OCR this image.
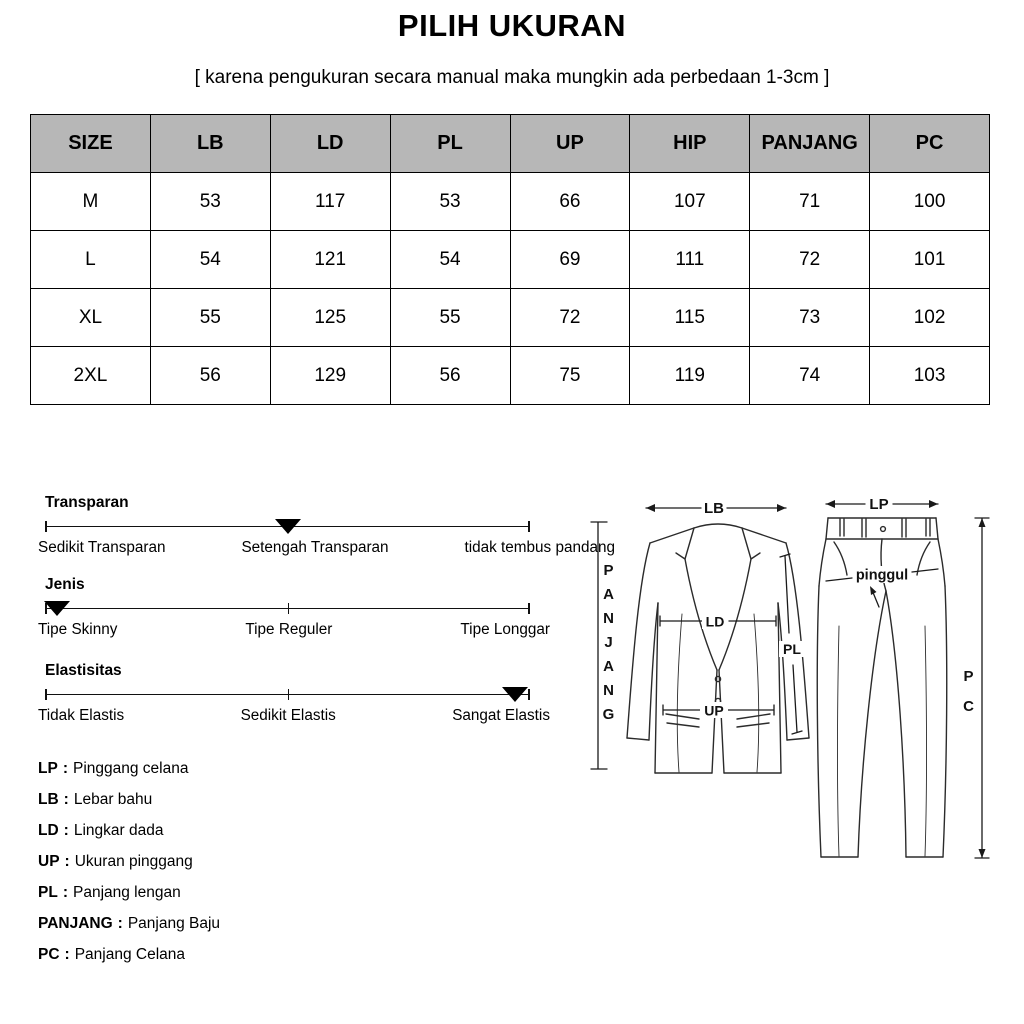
PILIH UKURAN
[ karena pengukuran secara manual maka mungkin ada perbedaan 1-3cm ]
SIZE	LB	LD	PL	UP	HIP	PANJANG	PC
M	53	117	53	66	107	71	100
L	54	121	54	69	111	72	101
XL	55	125	55	72	115	73	102
2XL	56	129	56	75	119	74	103
Transparan
Sedikit Transparan	Setengah Transparan	tidak tembus pandang
Jenis
Tipe Skinny	Tipe Reguler	Tipe Longgar
Elastisitas
Tidak Elastis	Sedikit Elastis	Sangat Elastis
LP : Pinggang celana
LB : Lebar bahu
LD : Lingkar dada
UP : Ukuran pinggang
PL : Panjang lengan
PANJANG : Panjang Baju
PC : Panjang Celana
LB	LP
LD
PL
UP
pinggul
PANJANG	PC
